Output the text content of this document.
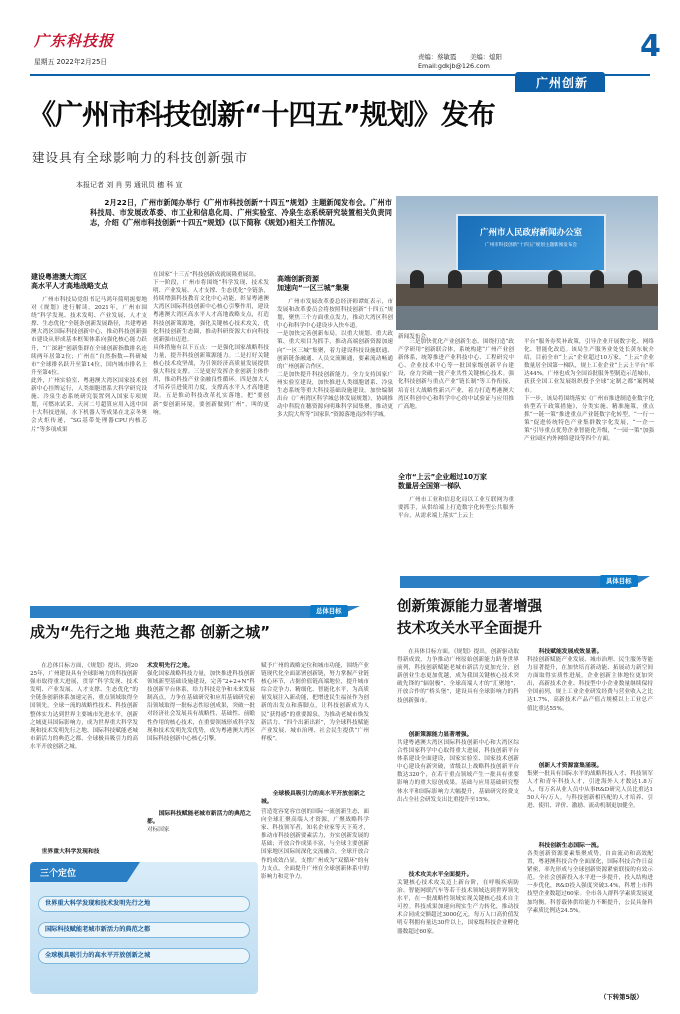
广东科技报
星期五 2022年2月25日
责编：蔡敏霞 美编：熄阳
Email:gdkjb@126.com
4
广州创新
《广州市科技创新“十四五”规划》发布
建设具有全球影响力的科技创新强市
本报记者 刘 肖 男 通讯员 穗 科 宣
2月22日，广州市新闻办举行《广州市科技创新“十四五”规划》主题新闻发布会。广州市科技局、市发展改革委、市工业和信息化局、广州实验室、冷泉生态系统研究装置相关负责同志，介绍《广州市科技创新“十四五”规划》(以下简称《规划》)相关工作情况。
广州市人民政府新闻办公室
广州市科技创新“十四五”规划主题新闻发布会
新闻发布会。
建设粤港澳大湾区
高水平人才高地战略支点
广州市科技局党组书记马鸿年简明扼要地对《规划》进行解读。2021年，广州市围绕“科学发现、技术发明、产业发展、人才支撑、生态优化”全链条创新发展路径，共建粤港澳大湾区国际科技创新中心，推动科技创新强市建设从形成基本框架体系向强化核心能力跃升，“广深港”创新集群在全球创新指数排名连续两年居第2位；广州在“自然指数—科研城市”全球排名跃升至第14位，国内城市排名上升至第4位。
此外，广州实验室、粤港澳大湾区国家技术创新中心挂牌运行，人类细胞谱系大科学研究设施、冷泉生态系统研究装置列入国家专项规划，可燃冰试采、天河二号超算应用入选中国十大科技进展，水下机器人等成果在北京冬奥会火炬传递，“SG基带处理器CPU内核芯片”等多项成果
在国家“十三五”科技创新成就展隆重展出。
下一阶段，广州市将围绕“科学发现、技术发明、产业发展、人才支撑、生态优化”全链条，持续增强科技教育文化中心功能，彰显粤港澳大湾区国际科技创新中心核心引擎作用，建设粤港澳大湾区高水平人才高地战略支点，打造科技创新策源地，强化关键核心技术攻关，优化科技创新生态圈，推动科研资源大市向科技创新强市迈进。
具体措施有以下五点：一是强化国家战略科技力量，提升科技创新策源能力。二是打好关键核心技术攻坚战，为引领经济高质量发展提供强大科技支撑。三是更好发挥企业创新主体作用，推动科技产业金融良性循环。四是加大人才培养引进使用力度，支撑高水平人才高地建设。五是推动科技改革扎实落地，把“要创新”要创新环境，要创新做到广州”，叫的更响。
高端创新资源
加速向“一区三城”集聚
广州市发展改革委总经济师谭虹表示，市发展和改革委员会将按照科技创新“十四五”规划，聚焦三个方面重点发力，推动大湾区科创中心和科学中心建设步入快车道。
一是加快完善创新布局。以重大规划、重大政策、重大项目为抓手，推动高端创新资源加速向“一区三城”集聚，着力建设科技设施联通、创新链条融通、人员交流顺通，要素流动畅通的广州创新合作区。
二是加快提升科技创新能力。全力支持国家广州实验室建设，加快推进人类细胞谱系、冷泉生态系统等重大科技基础设施建设。加快编制出台《广州湾区科学城总体发展规划》，协调推动中科院在穗资源向明珠科学园集聚，推动更多大院大所等“国家队”资源落地南沙科学城。
三是加快优化产业创新生态。围绕打造“政产学研用”创新联合体，系统构建“广州产业创新体系，统筹推进产业科技中心、工程研究中心、企业技术中心等一批国家级创新平台建设，奋力突破一批产业共性关键核心技术。强化科技创新与重点产业“链长制”等工作衔接，培育壮大战略性新兴产业，着力打造粤港澳大湾区科创中心和科学中心的中试验证与应用推广高地。
全市“上云”企业超过10万家
数量居全国第一梯队
广州市工业和信息化局以工业互联网为重要抓手，从供给端上打造数字化转型公共服务平台，从需求端上落实“上云上
平台”服务券奖补政策，引导企业开展数字化、网络化、智能化改造。该局生产服务业处处长黄东航介绍，目前全市“上云”企业超过10万家，“上云”企业数量居全国第一梯队，规上工业企业“上云上平台”率达44%，广州也成为全国首批服务型制造示范城市，获获全国工业发展组织授予全球“定制之都”案例城市。
下一步，该局将围绕落实《广州市推进制造业数字化转型若干政策措施》，分类实施、精准施策，重点抓“一链一策”推进重点产业链数字化转型，“一行一策”促进传统特色产业集群数字化发展，“一企一策”引导重点优势企业智能化升级，“一园一策”加强产业园区内外网络建设等四个方面。
总体目标
具体目标
成为“先行之地 典范之都 创新之城”
在总体目标方面，《规划》提出，到2025年，广州建设具有全球影响力的科技创新强市取得重大进展，贯穿“科学发现、技术发明、产业发展、人才支撑、生态优化”的全链条创新体系加速完善，重点领域取得全国领先，全球一流的战略性技术、科技创新整体实力达到世界主要城市先进水平，创新之城更具国际影响力，成为世界重大科学发现和技术发明先行之地、国际科技赋能老城市新活力的典范之都、全球极具吸引力的高水平开放创新之城。
世界重大科学发现和技
术发明先行之地。
强化国家战略科技力量，加快推进科技创新领域新型基础设施建设，完善“2+2+N”科技创新平台体系，给力科技竞争和未来发展制高点，力争在基础研究和应用基础研究前沿领域取得一批标志性原创成果，突破一批对经济社会发展具有战略性、基础性、前瞻性作用的核心技术，在重要领域形成科学发现和技术发明先发优势，成为粤港澳大湾区国际科技创新中心核心引擎。
国际科技赋能老城市新活力的典范之都。
对标国家
赋予广州的战略定位和城市功能，围绕产业链现代化全面部署创新链，努力掌握产业链核心环节，占据价值链高端地位，提升城市综合竞争力、精细化、智能化水平，为高质量发展注入新动能，把增进民生福祉作为创新的出发点和落脚点，让科技创新成为人民“获得感”的重要源泉，为推动老城市焕发新活力、“四个出新出彩”，为全球科技赋能产业发展、城市治理、社会民生提供“广州样板”。
全球极具吸引力的高水平开放创新之城。
营造宽容宽容宜创的国际一流创新生态，面向全球汇聚高端人才资源，广聚战略科学家、科技领军者，知名企业家等天下英才，推动市科技创新要素活力，夯实创新发展的基础；开放合作成果丰富，与全球主要创新国家地区国际间深化交流融合，全球开放合作的成效凸显，支撑广州成为“双循环”的有力支点，全面提升广州在全球创新体系中的影响力和竞争力。
三个定位
世界重大科学发现和技术发明先行之地
国际科技赋能老城市新活力的典范之都
全球极具吸引力的高水平开放创新之城
创新策源能力显著增强
技术攻关水平全面提升
在具体目标方面，《规划》提出，创新驱动取得新成效，力争推动广州原始创新能力跻身世界前列，科技创新赋能老城市新活力更加充分，创新创业生态更加优越，成为我国关键核心技术突破先锋的“辐射极”、全球高端人才的“汇聚地”、开放合作的“桥头堡”，建设具有全球影响力的科技创新强市。
创新策源能力显著增强。
共建粤港澳大湾区国际科技创新中心和大湾区综合性国家科学中心取得重大进展，科技创新平台体系建设全面建设，国家实验室、国家技术创新中心建设有新突破，省级以上战略科技创新平台数达320个，在若干重点领域产生一批具有重要影响力的重大原创成果。基础与应用基础研究整体水平和国际影响力大幅提升，基础研究经费支出占全社会研发支出比重提升至15%。
技术攻关水平全面提升。
关键核心技术攻关迈上新台阶，在呼吸疾病防治、智能网联汽车等若干技术领域达到世界领先水平，在一批战略性领域实现关键核心技术自主可控。科技成果加速向现实生产力转化，推动技术合同成交额超过3000亿元，每万人口高价值发明专利拥有量达30件以上，国家级科技企业孵化器数超过60家。
科技赋能发展成效显著。
科技创新赋能产业发展、城市治理、民生服务等能力显著提升，在加快培育新动能、拓展动力新空间方面取得实质性进展，企业创新主体地位更加突出，高新技术企业、科技型中小企业数量继续保持全国前列，规上工业企业研发经费与营业收入之比达1.7%，高新技术产品产值占规模以上工业总产值比重达55%。
创新人才资源富集涌现。
集聚一批具有国际水平的战略科技人才、科技领军人才和青年科技人才，引进海外人才数达1.8万人，每万名从业人员中从事R&D研究人员比重达150人年/万人。与科技创新相匹配的人才培养、引进、使用、评价、激励、流动机制更加健全。
科技创新生态国际一流。
各类创新资源要素集聚成势，自由流动和高效配置，粤港澳科技合作全面深化，国际科技合作日益紧密，率先形成与全球创新资源紧密联接的有效示范。全社会创新投入水平进一步提升，投入结构进一步优化，R&D投入强度突破3.4%，科增上市科技型企业数超过60家。全市各人群科学素质发展更加均衡，科普载体供给能力不断提升，公民具备科学素质比例达24.5%。
（下转第5版）
